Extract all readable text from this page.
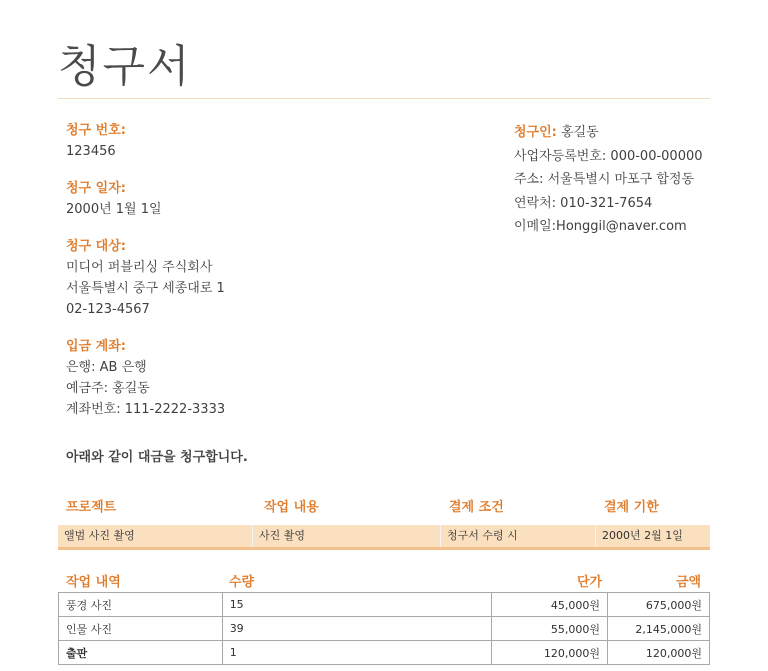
청구서
청구 번호:
123456
청구 일자:
2000년 1월 1일
청구 대상:
미디어 퍼블리싱 주식회사
서울특별시 중구 세종대로 1
02-123-4567
입금 계좌:
은행: AB 은행
예금주: 홍길동
계좌번호: 111-2222-3333
청구인: 홍길동
사업자등록번호: 000-00-00000
주소: 서울특별시 마포구 합정동
연락처: 010-321-7654
이메일:Honggil@naver.com
아래와 같이 대금을 청구합니다.
프로젝트	작업 내용	결제 조건	결제 기한
앨범 사진 촬영	사진 촬영	청구서 수령 시	2000년 2월 1일
작업 내역	수량	단가	금액
풍경 사진	15	45,000원	675,000원
인물 사진	39	55,000원	2,145,000원
출판	1	120,000원	120,000원
